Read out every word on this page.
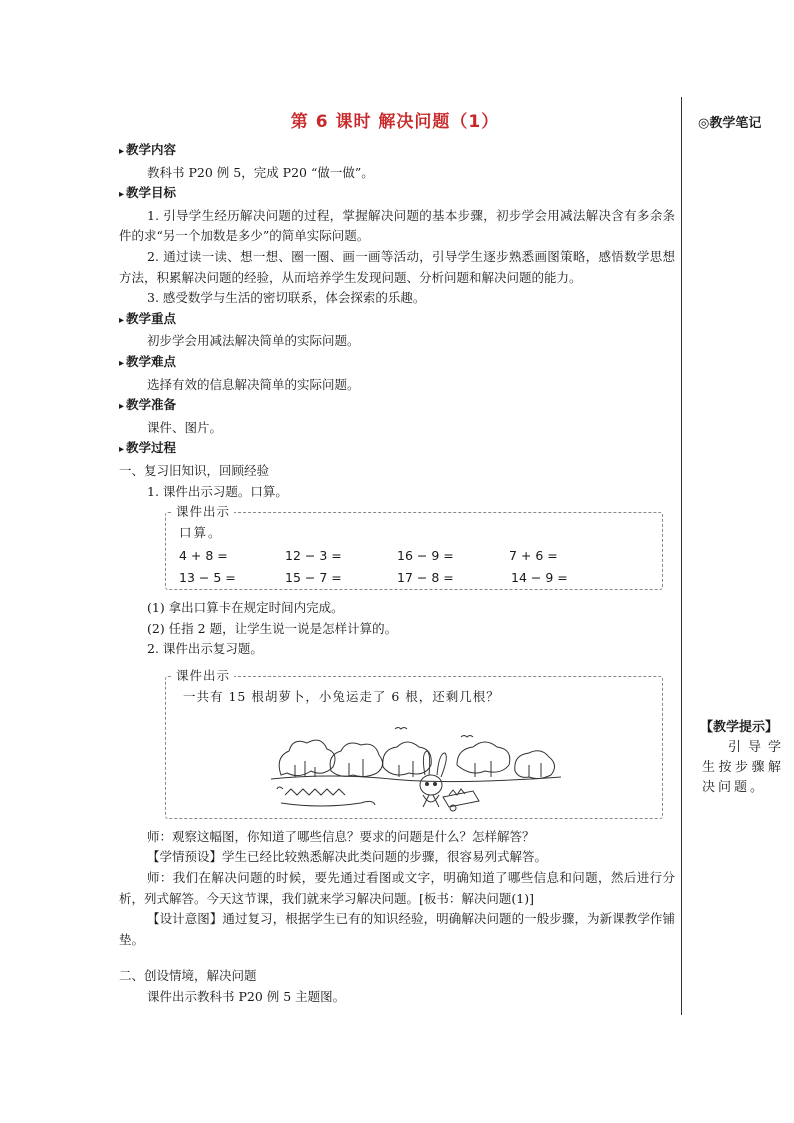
第 6 课时 解决问题（1）	◎教学笔记
【教学提示】
引导学生按步骤解决问题。
▸ 教学内容
教科书 P20 例 5，完成 P20 “做一做”。
▸ 教学目标
1. 引导学生经历解决问题的过程，掌握解决问题的基本步骤，初步学会用减法解决含有多余条件的求“另一个加数是多少”的简单实际问题。
2. 通过读一读、想一想、圈一圈、画一画等活动，引导学生逐步熟悉画图策略，感悟数学思想方法，积累解决问题的经验，从而培养学生发现问题、分析问题和解决问题的能力。
3. 感受数学与生活的密切联系，体会探索的乐趣。
▸ 教学重点
初步学会用减法解决简单的实际问题。
▸ 教学难点
选择有效的信息解决简单的实际问题。
▸ 教学准备
课件、图片。
▸ 教学过程
一、复习旧知识，回顾经验
1. 课件出示习题。口算。
课件出示
口算。
4 + 8 =	12 − 3 =	16 − 9 =	7 + 6 =
13 − 5 =	15 − 7 =	17 − 8 =	14 − 9 =
(1) 拿出口算卡在规定时间内完成。
(2) 任指 2 题，让学生说一说是怎样计算的。
2. 课件出示复习题。
课件出示
一共有 15 根胡萝卜，小兔运走了 6 根，还剩几根？
师：观察这幅图，你知道了哪些信息？要求的问题是什么？怎样解答？
【学情预设】学生已经比较熟悉解决此类问题的步骤，很容易列式解答。
师：我们在解决问题的时候，要先通过看图或文字，明确知道了哪些信息和问题，然后进行分析，列式解答。今天这节课，我们就来学习解决问题。[板书：解决问题(1)]
【设计意图】通过复习，根据学生已有的知识经验，明确解决问题的一般步骤，为新课教学作铺垫。
二、创设情境，解决问题
课件出示教科书 P20 例 5 主题图。
